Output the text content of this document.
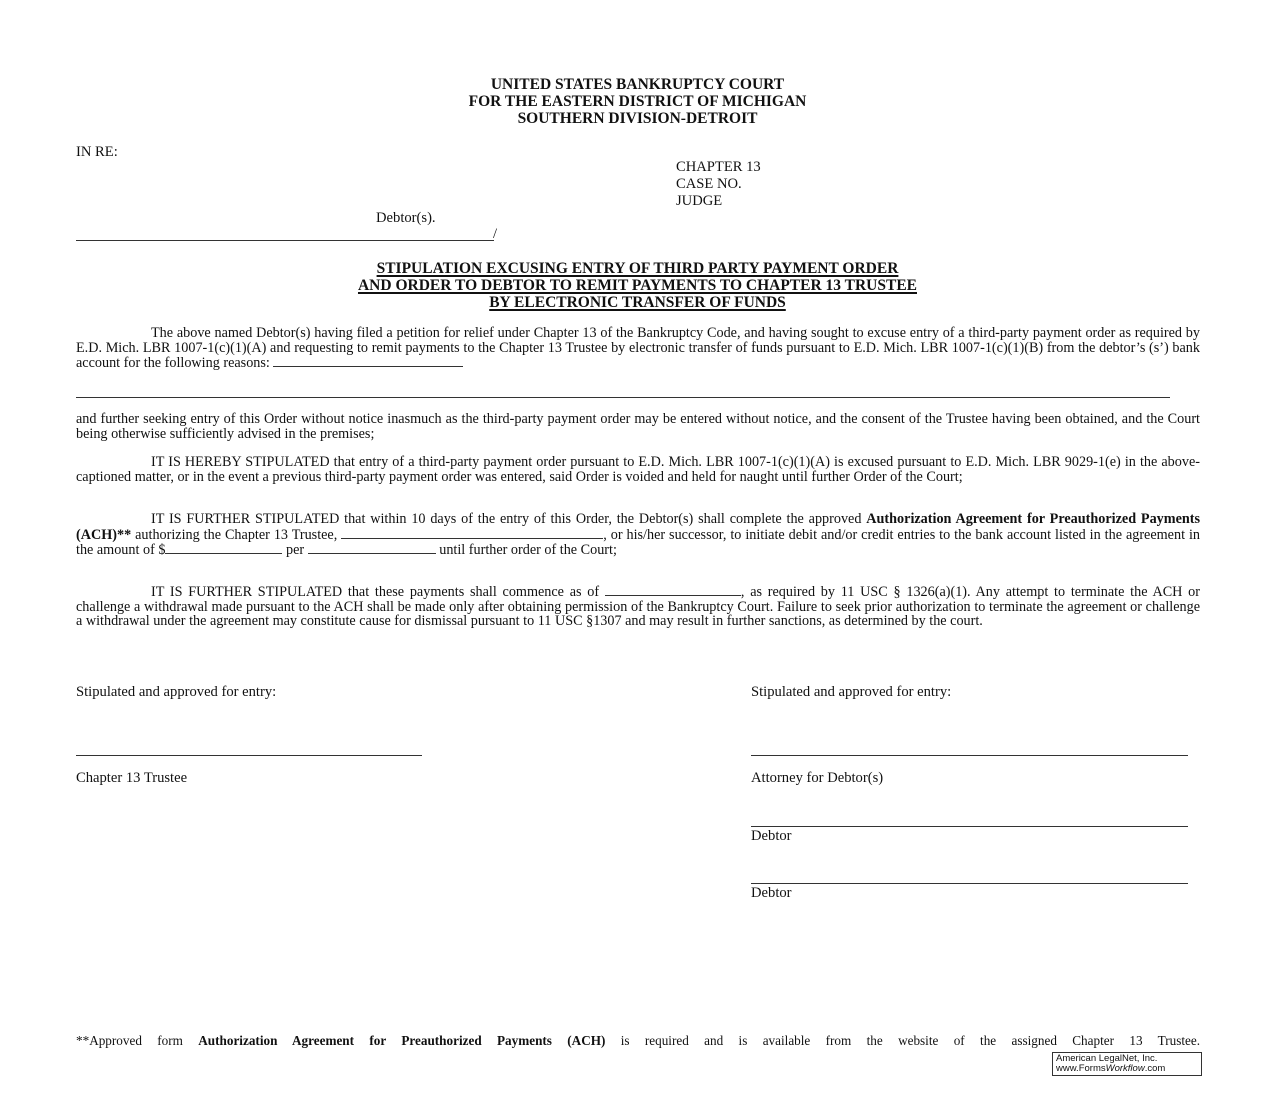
UNITED STATES BANKRUPTCY COURT
FOR THE EASTERN DISTRICT OF MICHIGAN
SOUTHERN DIVISION-DETROIT
IN RE:
CHAPTER 13
CASE NO.
JUDGE
Debtor(s).
/
STIPULATION EXCUSING ENTRY OF THIRD PARTY PAYMENT ORDER
AND ORDER TO DEBTOR TO REMIT PAYMENTS TO CHAPTER 13 TRUSTEE
BY ELECTRONIC TRANSFER OF FUNDS
The above named Debtor(s) having filed a petition for relief under Chapter 13 of the Bankruptcy Code, and having sought to excuse entry of a third-party payment order as required by E.D. Mich. LBR 1007-1(c)(1)(A) and requesting to remit payments to the Chapter 13 Trustee by electronic transfer of funds pursuant to E.D. Mich. LBR 1007-1(c)(1)(B) from the debtor’s (s’) bank account for the following reasons:
and further seeking entry of this Order without notice inasmuch as the third-party payment order may be entered without notice, and the consent of the Trustee having been obtained, and the Court being otherwise sufficiently advised in the premises;
IT IS HEREBY STIPULATED that entry of a third-party payment order pursuant to E.D. Mich. LBR 1007-1(c)(1)(A) is excused pursuant to E.D. Mich. LBR 9029-1(e) in the above-captioned matter, or in the event a previous third-party payment order was entered, said Order is voided and held for naught until further Order of the Court;
IT IS FURTHER STIPULATED that within 10 days of the entry of this Order, the Debtor(s) shall complete the approved Authorization Agreement for Preauthorized Payments (ACH)** authorizing the Chapter 13 Trustee,	, or his/her successor, to initiate debit and/or credit entries to the bank account listed in the agreement in the amount of $	per	until further order of the Court;
IT IS FURTHER STIPULATED that these payments shall commence as of	, as required by 11 USC § 1326(a)(1). Any attempt to terminate the ACH or challenge a withdrawal made pursuant to the ACH shall be made only after obtaining permission of the Bankruptcy Court. Failure to seek prior authorization to terminate the agreement or challenge a withdrawal under the agreement may constitute cause for dismissal pursuant to 11 USC §1307 and may result in further sanctions, as determined by the court.
Stipulated and approved for entry:
Chapter 13 Trustee
Stipulated and approved for entry:
Attorney for Debtor(s)
Debtor
Debtor
**Approved form Authorization Agreement for Preauthorized Payments (ACH) is required and is available from the website of the assigned Chapter 13 Trustee.
American LegalNet, Inc.
www.FormsWorkflow.com
